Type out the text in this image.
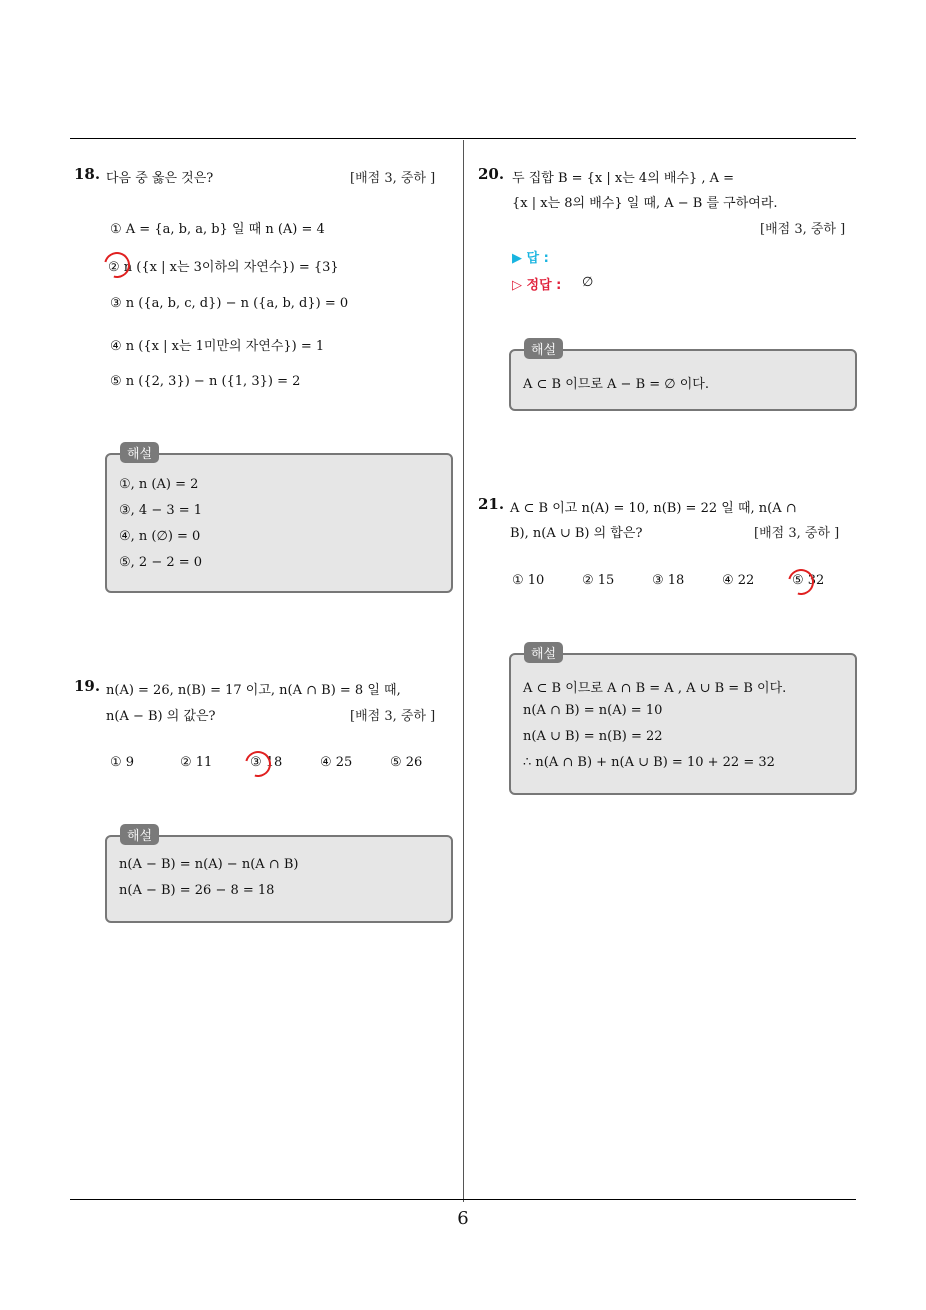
18. 다음 중 옳은 것은?	[배점 3, 중하 ]
① A = {a, b, a, b} 일 때 n (A) = 4
② n ({x | x는 3이하의 자연수}) = {3}
③ n ({a, b, c, d}) − n ({a, b, d}) = 0
④ n ({x | x는 1미만의 자연수}) = 1
⑤ n ({2, 3}) − n ({1, 3}) = 2
①, n (A) = 2
③, 4 − 3 = 1
④, n (∅) = 0
⑤, 2 − 2 = 0
해설
19. n(A) = 26, n(B) = 17 이고, n(A ∩ B) = 8 일 때,
n(A − B) 의 값은?	[배점 3, 중하 ]
① 9	② 11	③ 18	④ 25	⑤ 26
n(A − B) = n(A) − n(A ∩ B)
n(A − B) = 26 − 8 = 18
해설
20. 두 집합 B = {x | x는 4의 배수} , A =
{x | x는 8의 배수} 일 때, A − B 를 구하여라.
[배점 3, 중하 ]
▶ 답 :
▷ 정답 : ∅
A ⊂ B 이므로 A − B = ∅ 이다.
해설
21. A ⊂ B 이고 n(A) = 10, n(B) = 22 일 때, n(A ∩
B), n(A ∪ B) 의 합은?	[배점 3, 중하 ]
① 10	② 15	③ 18	④ 22	⑤ 32
A ⊂ B 이므로 A ∩ B = A , A ∪ B = B 이다.
n(A ∩ B) = n(A) = 10
n(A ∪ B) = n(B) = 22
∴ n(A ∩ B) + n(A ∪ B) = 10 + 22 = 32
해설
6
